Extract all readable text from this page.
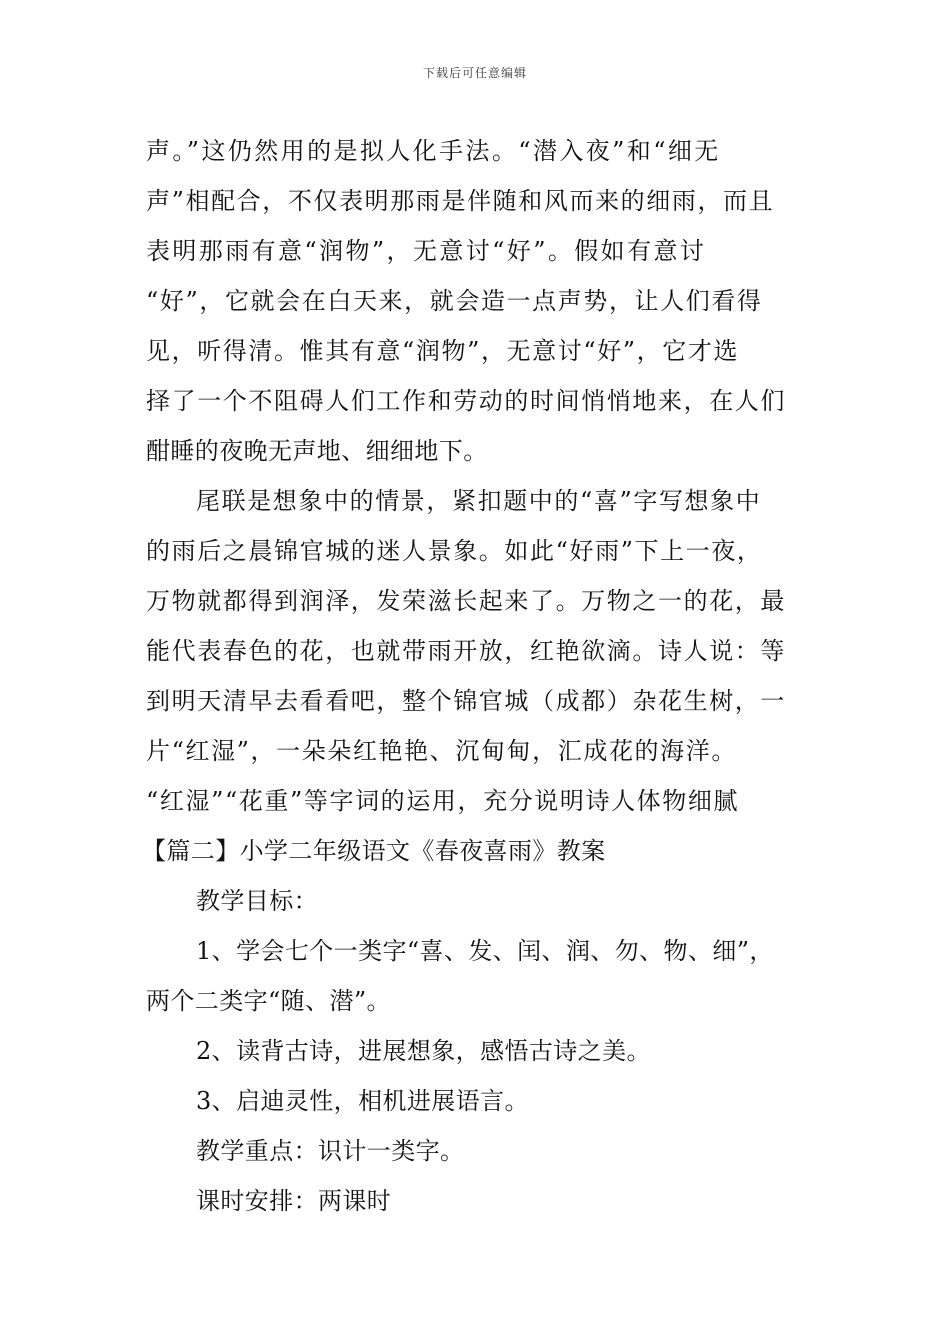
下载后可任意编辑
声。”这仍然用的是拟人化手法。“潜入夜”和“细无
声”相配合，不仅表明那雨是伴随和风而来的细雨，而且
表明那雨有意“润物”，无意讨“好”。假如有意讨
“好”，它就会在白天来，就会造一点声势，让人们看得
见，听得清。惟其有意“润物”，无意讨“好”，它才选
择了一个不阻碍人们工作和劳动的时间悄悄地来，在人们
酣睡的夜晚无声地、细细地下。
尾联是想象中的情景，紧扣题中的“喜”字写想象中
的雨后之晨锦官城的迷人景象。如此“好雨”下上一夜，
万物就都得到润泽，发荣滋长起来了。万物之一的花，最
能代表春色的花，也就带雨开放，红艳欲滴。诗人说：等
到明天清早去看看吧，整个锦官城（成都）杂花生树，一
片“红湿”，一朵朵红艳艳、沉甸甸，汇成花的海洋。
“红湿”“花重”等字词的运用，充分说明诗人体物细腻
【篇二】小学二年级语文《春夜喜雨》教案
教学目标：
1、学会七个一类字“喜、发、闰、润、勿、物、细”，
两个二类字“随、潜”。
2、读背古诗，进展想象，感悟古诗之美。
3、启迪灵性，相机进展语言。
教学重点：识计一类字。
课时安排：两课时
